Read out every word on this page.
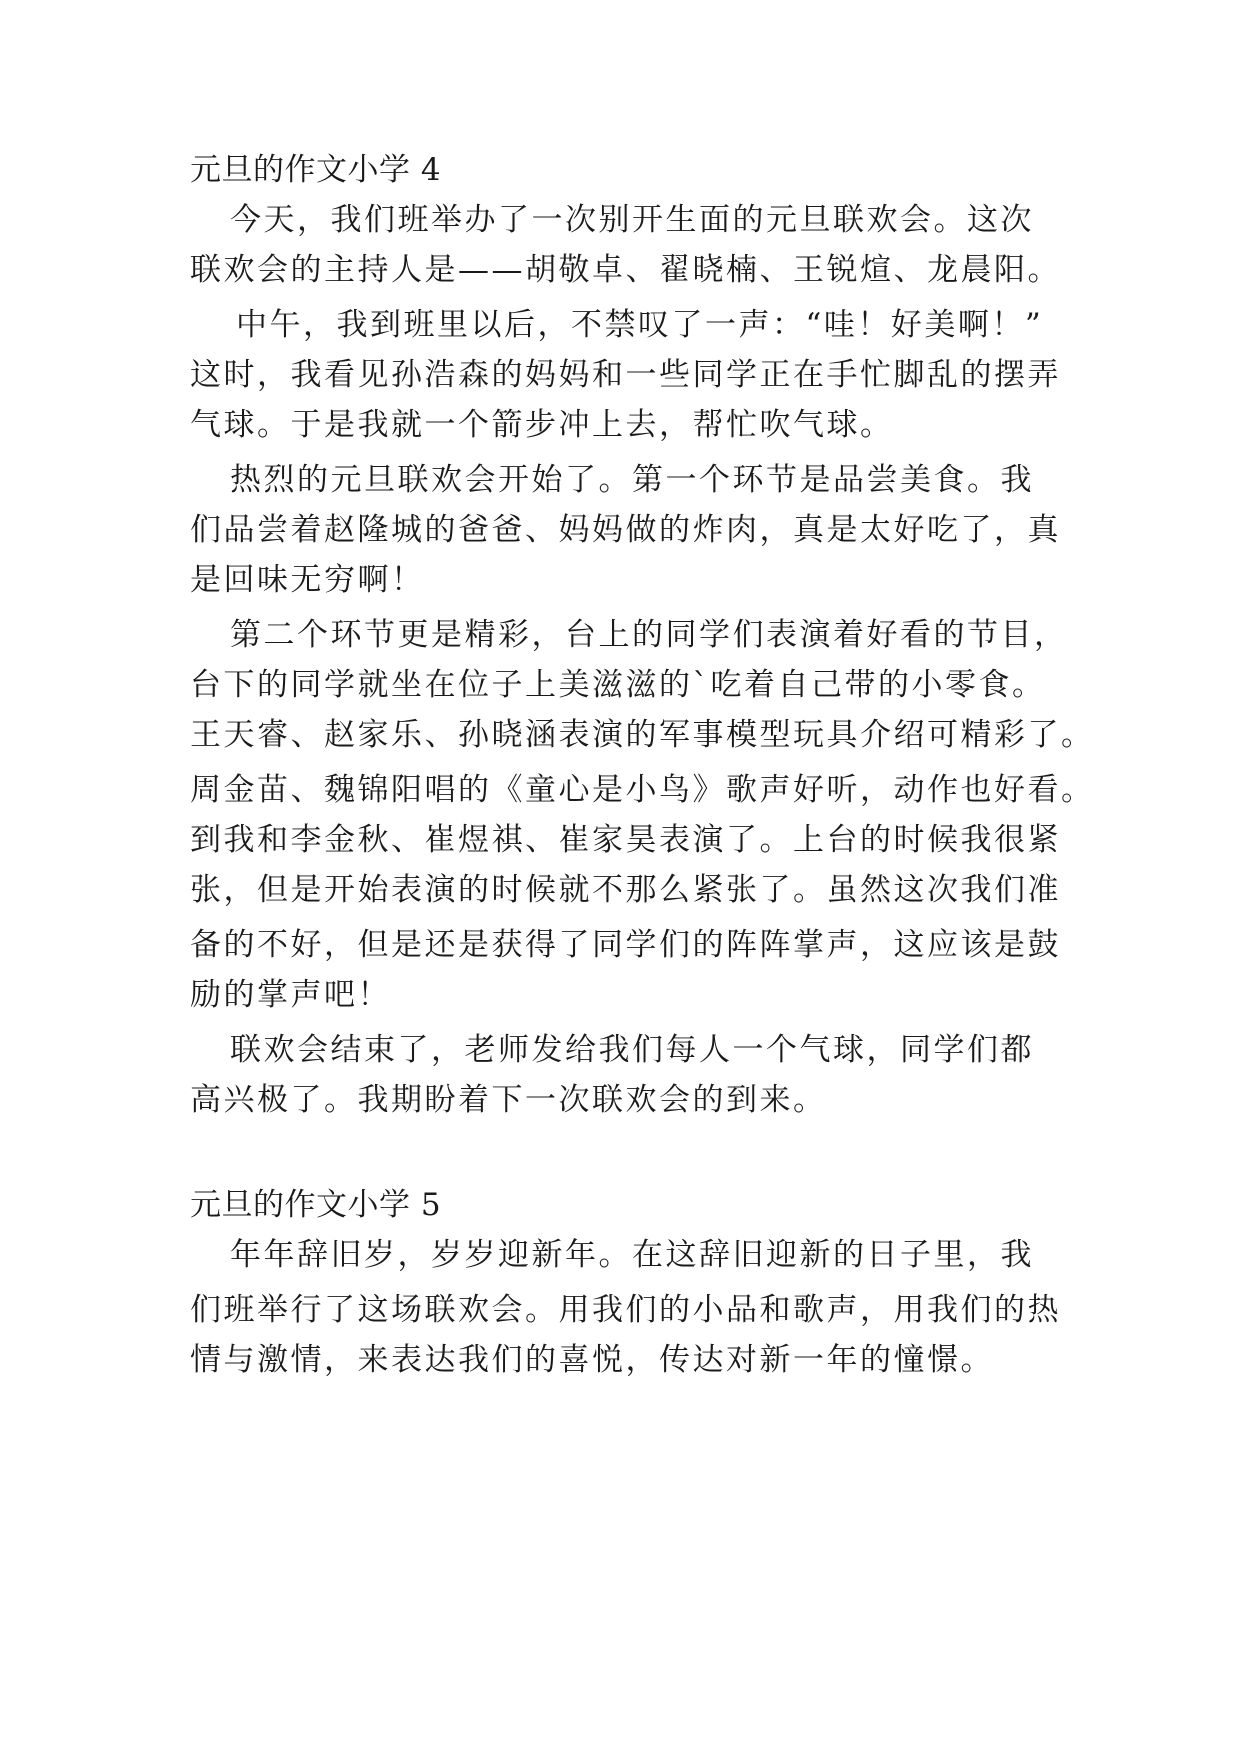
元旦的作文小学 4
今天，我们班举办了一次别开生面的元旦联欢会。这次
联欢会的主持人是——胡敬卓、翟晓楠、王锐煊、龙晨阳。
中午，我到班里以后，不禁叹了一声：“哇！好美啊！”
这时，我看见孙浩森的妈妈和一些同学正在手忙脚乱的摆弄
气球。于是我就一个箭步冲上去，帮忙吹气球。
热烈的元旦联欢会开始了。第一个环节是品尝美食。我
们品尝着赵隆城的爸爸、妈妈做的炸肉，真是太好吃了，真
是回味无穷啊！
第二个环节更是精彩，台上的同学们表演着好看的节目，
台下的同学就坐在位子上美滋滋的`吃着自己带的小零食。
王天睿、赵家乐、孙晓涵表演的军事模型玩具介绍可精彩了。
周金苗、魏锦阳唱的《童心是小鸟》歌声好听，动作也好看。
到我和李金秋、崔煜祺、崔家昊表演了。上台的时候我很紧
张，但是开始表演的时候就不那么紧张了。虽然这次我们准
备的不好，但是还是获得了同学们的阵阵掌声，这应该是鼓
励的掌声吧！
联欢会结束了，老师发给我们每人一个气球，同学们都
高兴极了。我期盼着下一次联欢会的到来。
元旦的作文小学 5
年年辞旧岁，岁岁迎新年。在这辞旧迎新的日子里，我
们班举行了这场联欢会。用我们的小品和歌声，用我们的热
情与激情，来表达我们的喜悦，传达对新一年的憧憬。
